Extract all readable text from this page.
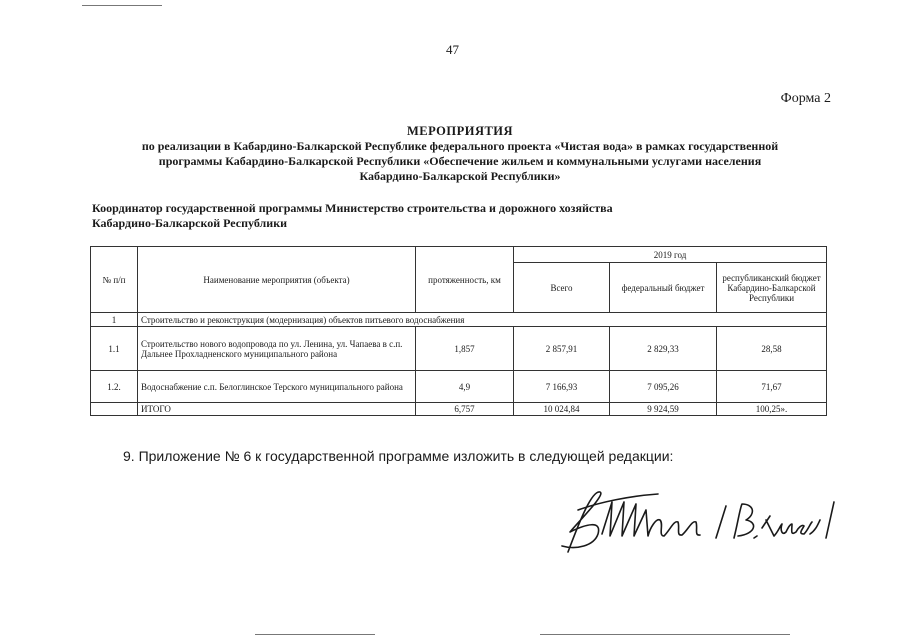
47
Форма 2
МЕРОПРИЯТИЯ
по реализации в Кабардино-Балкарской Республике федерального проекта «Чистая вода» в рамках государственной
программы Кабардино-Балкарской Республики «Обеспечение жильем и коммунальными услугами населения
Кабардино-Балкарской Республики»
Координатор государственной программы Министерство строительства и дорожного хозяйства
Кабардино-Балкарской Республики
№ п/п	Наименование мероприятия (объекта)	протяженность, км	2019 год		
			Всего	федеральный бюджет	республиканский бюджет Кабардино-Балкарской Республики
1	Строительство и реконструкция (модернизация) объектов питьевого водоснабжения				
1.1	Строительство нового водопровода по ул. Ленина, ул. Чапаева в с.п. Дальнее Прохладненского муниципального района	1,857	2 857,91	2 829,33	28,58
1.2.	Водоснабжение с.п. Белоглинское Терского муниципального района	4,9	7 166,93	7 095,26	71,67
	ИТОГО	6,757	10 024,84	9 924,59	100,25».
9. Приложение № 6 к государственной программе изложить в следующей редакции:
/В. Куликов/
